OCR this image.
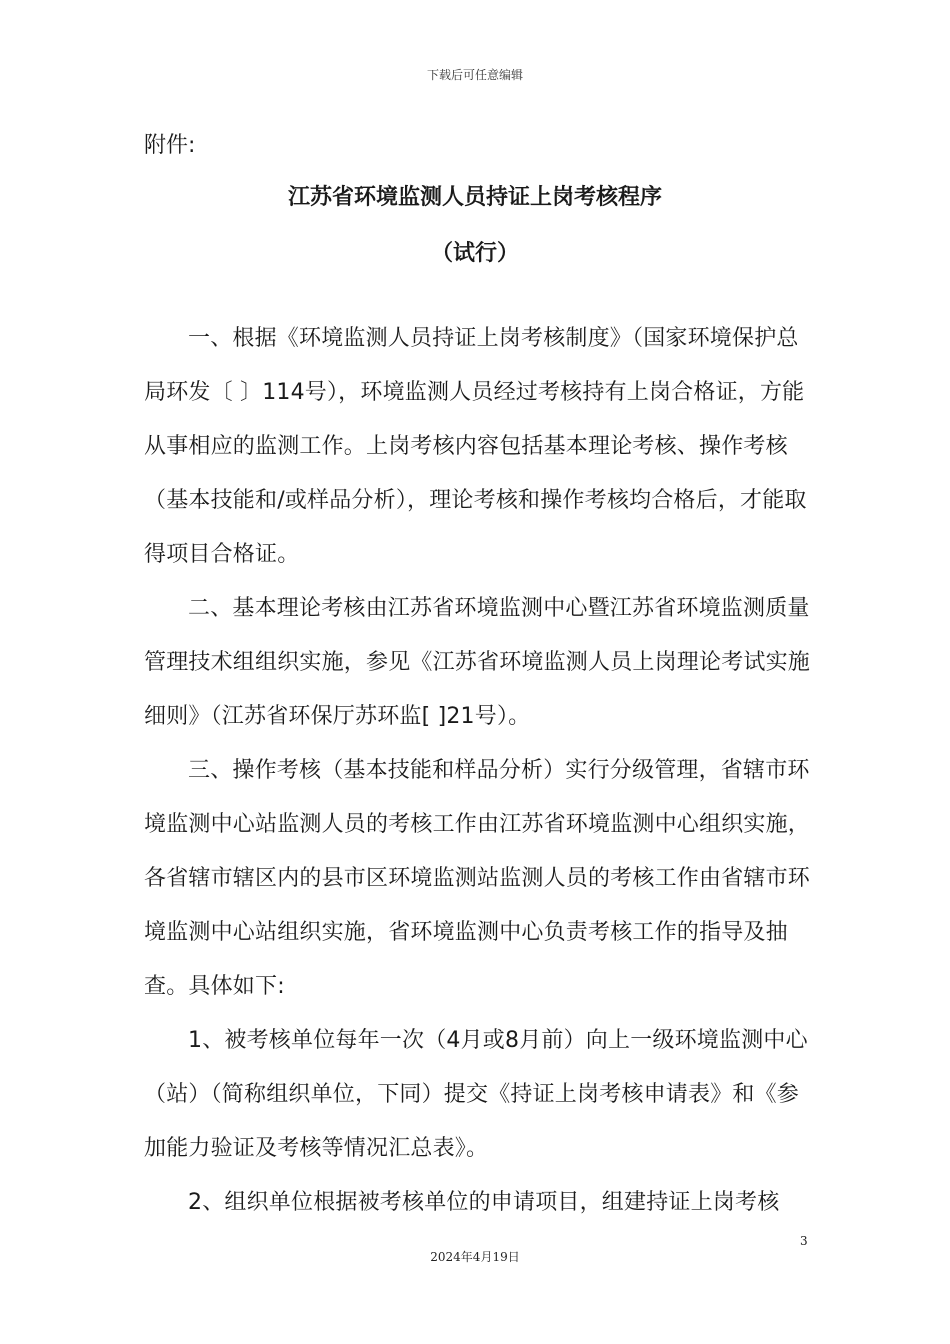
下载后可任意编辑
附件:
江苏省环境监测人员持证上岗考核程序
（试行）

一、根据《环境监测人员持证上岗考核制度》（国家环境保护总局环发〔 〕114号），环境监测人员经过考核持有上岗合格证，方能从事相应的监测工作。上岗考核内容包括基本理论考核、操作考核（基本技能和/或样品分析），理论考核和操作考核均合格后，才能取得项目合格证。

二、基本理论考核由江苏省环境监测中心暨江苏省环境监测质量管理技术组组织实施，参见《江苏省环境监测人员上岗理论考试实施细则》（江苏省环保厅苏环监[ ]21号）。

三、操作考核（基本技能和样品分析）实行分级管理，省辖市环境监测中心站监测人员的考核工作由江苏省环境监测中心组织实施，各省辖市辖区内的县市区环境监测站监测人员的考核工作由省辖市环境监测中心站组织实施，省环境监测中心负责考核工作的指导及抽查。具体如下:

1、被考核单位每年一次（4月或8月前）向上一级环境监测中心（站）（简称组织单位，下同）提交《持证上岗考核申请表》和《参加能力验证及考核等情况汇总表》。

2、组织单位根据被考核单位的申请项目，组建持证上岗考核

3
2024年4月19日
